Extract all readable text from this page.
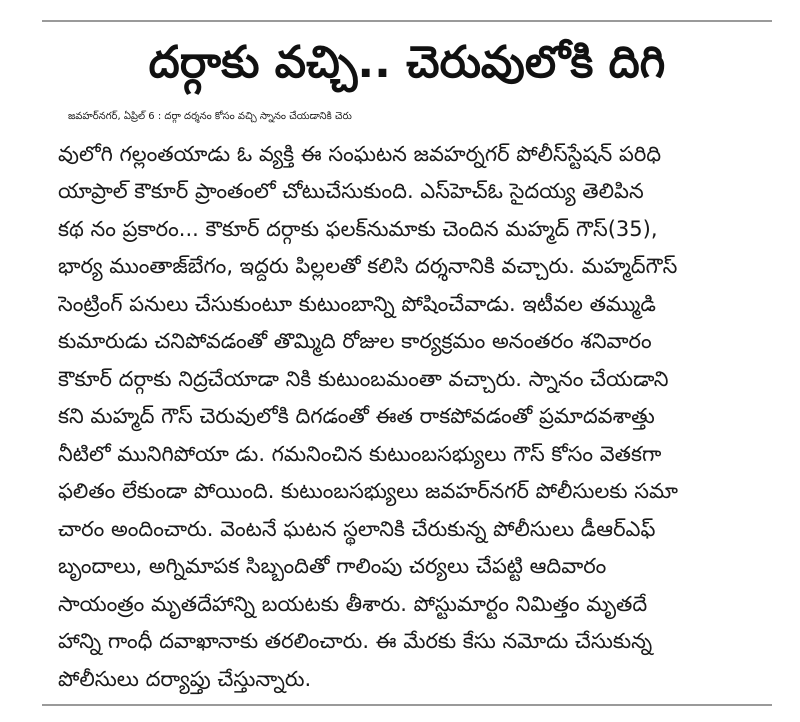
దర్గాకు వచ్చి.. చెరువులోకి దిగి
జవహర్‌నగర్, ఏప్రిల్ 6 : దర్గా దర్శనం కోసం వచ్చి స్నానం చేయడానికి చెరు
వులోగి గల్లంతయాడు ఓ వ్యక్తి ఈ సంఘటన జవహర్నగర్ పోలీస్‌స్టేషన్ పరిధి
యాప్రాల్ కౌకూర్ ప్రాంతంలో చోటుచేసుకుంది. ఎస్‌హెచ్ఓ సైదయ్య తెలిపిన
కథ నం ప్రకారం... కౌకూర్ దర్గాకు ఫలక్‌నుమాకు చెందిన మహ్మద్ గౌస్(35),
భార్య ముంతాజ్‌బేగం, ఇద్దరు పిల్లలతో కలిసి దర్శనానికి వచ్చారు. మహ్మద్‌గౌస్
సెంట్రింగ్ పనులు చేసుకుంటూ కుటుంబాన్ని పోషించేవాడు. ఇటీవల తమ్ముడి
కుమారుడు చనిపోవడంతో తొమ్మిది రోజుల కార్యక్రమం అనంతరం శనివారం
కౌకూర్ దర్గాకు నిద్రచేయాడా నికి కుటుంబమంతా వచ్చారు. స్నానం చేయడాని
కని మహ్మద్ గౌస్ చెరువులోకి దిగడంతో ఈత రాకపోవడంతో ప్రమాదవశాత్తు
నీటిలో మునిగిపోయా డు. గమనించిన కుటుంబసభ్యులు గౌస్ కోసం వెతకగా
ఫలితం లేకుండా పోయింది. కుటుంబసభ్యులు జవహర్‌నగర్ పోలీసులకు సమా
చారం అందించారు. వెంటనే ఘటన స్థలానికి చేరుకున్న పోలీసులు డీఆర్‌ఎఫ్
బృందాలు, అగ్నిమాపక సిబ్బందితో గాలింపు చర్యలు చేపట్టి ఆదివారం
సాయంత్రం మృతదేహాన్ని బయటకు తీశారు. పోస్టుమార్టం నిమిత్తం మృతదే
హాన్ని గాంధీ దవాఖానాకు తరలించారు. ఈ మేరకు కేసు నమోదు చేసుకున్న
పోలీసులు దర్యాప్తు చేస్తున్నారు.
